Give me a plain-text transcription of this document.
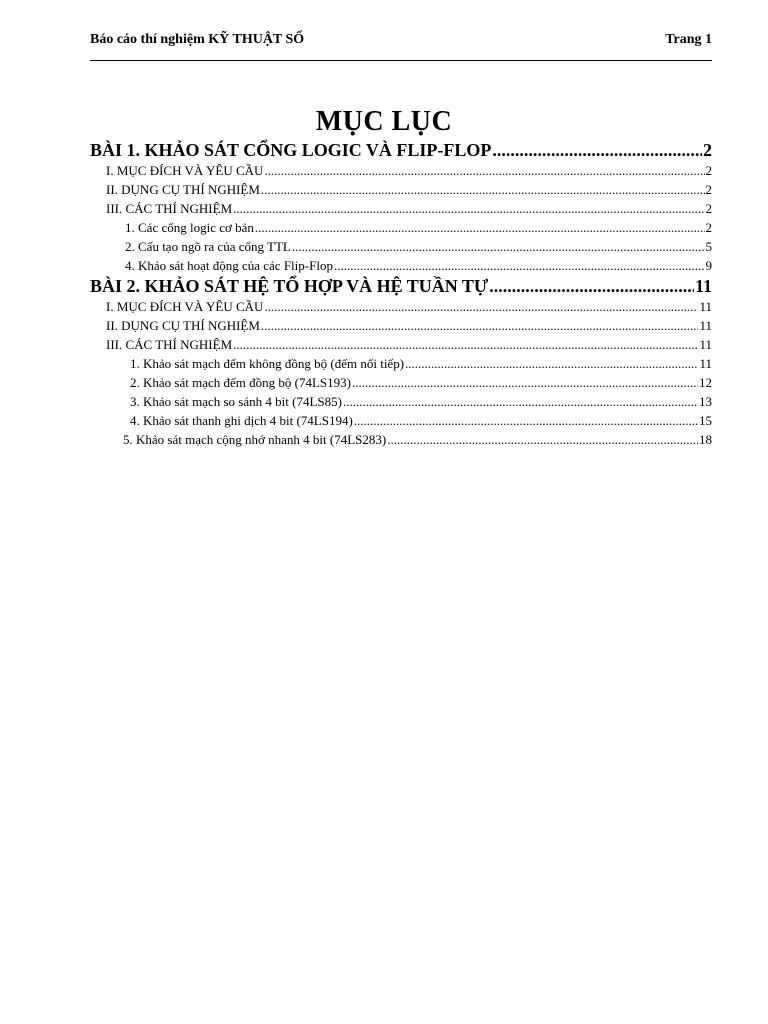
Báo cáo thí nghiệm KỸ THUẬT SỐ	Trang 1
MỤC LỤC
BÀI 1. KHẢO SÁT CỔNG LOGIC VÀ FLIP-FLOP .....	2
I. MỤC ĐÍCH VÀ YÊU CẦU .....	2
II. DỤNG CỤ THÍ NGHIỆM .....	2
III. CÁC THÍ NGHIỆM .....	2
1. Các cổng logic cơ bản .....	2
2. Cấu tạo ngõ ra của cổng TTL .....	5
4. Khảo sát hoạt động của các Flip-Flop .....	9
BÀI 2. KHẢO SÁT HỆ TỔ HỢP VÀ HỆ TUẦN TỰ .....	11
I. MỤC ĐÍCH VÀ YÊU CẦU .....	11
II. DỤNG CỤ THÍ NGHIỆM .....	11
III. CÁC THÍ NGHIỆM .....	11
1. Khảo sát mạch đếm không đồng bộ (đếm nối tiếp) .....	11
2. Khảo sát mạch đếm đồng bộ (74LS193) .....	12
3. Khảo sát mạch so sánh 4 bit (74LS85) .....	13
4. Khảo sát thanh ghi dịch 4 bit (74LS194) .....	15
5. Khảo sát mạch cộng nhớ nhanh 4 bit (74LS283) .....	18
